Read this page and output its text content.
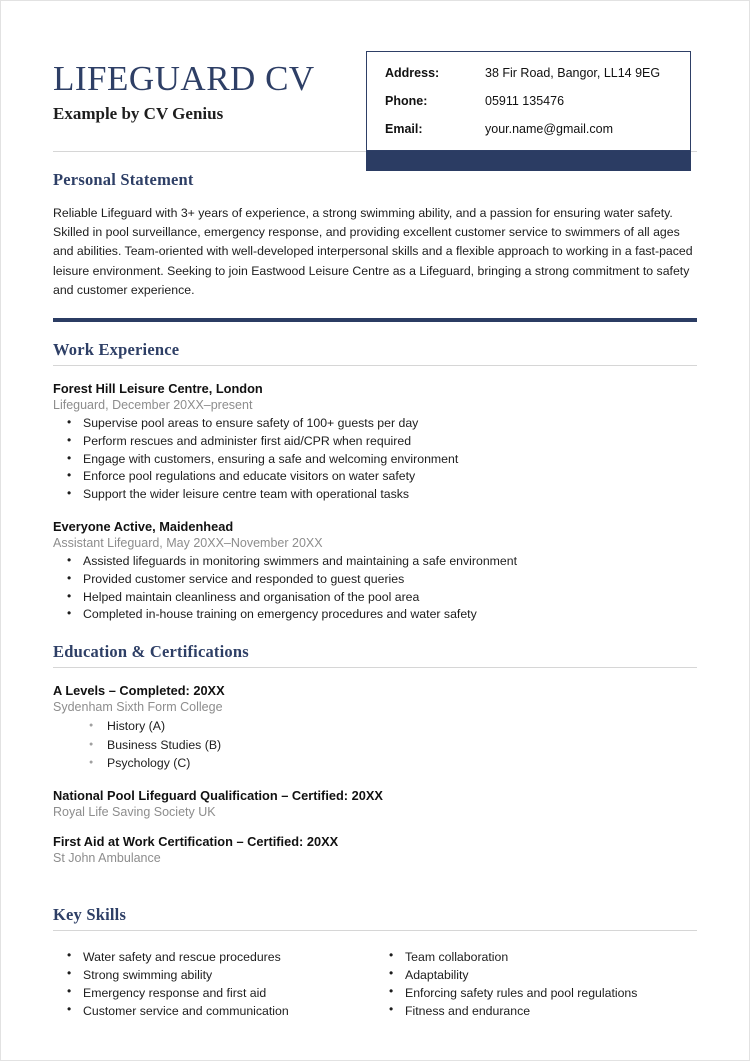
LIFEGUARD CV

Example by CV Genius

Address:	38 Fir Road, Bangor, LL14 9EG
Phone:	05911 135476
Email:	your.name@gmail.com
Personal Statement

Reliable Lifeguard with 3+ years of experience, a strong swimming ability, and a passion for ensuring water safety. Skilled in pool surveillance, emergency response, and providing excellent customer service to swimmers of all ages and abilities. Team-oriented with well-developed interpersonal skills and a flexible approach to working in a fast-paced leisure environment. Seeking to join Eastwood Leisure Centre as a Lifeguard, bringing a strong commitment to safety and customer experience.

Work Experience

Forest Hill Leisure Centre, London

Lifeguard, December 20XX–present

• Supervise pool areas to ensure safety of 100+ guests per day
• Perform rescues and administer first aid/CPR when required
• Engage with customers, ensuring a safe and welcoming environment
• Enforce pool regulations and educate visitors on water safety
• Support the wider leisure centre team with operational tasks

Everyone Active, Maidenhead

Assistant Lifeguard, May 20XX–November 20XX

• Assisted lifeguards in monitoring swimmers and maintaining a safe environment
• Provided customer service and responded to guest queries
• Helped maintain cleanliness and organisation of the pool area
• Completed in-house training on emergency procedures and water safety
Education & Certifications

A Levels – Completed: 20XX

Sydenham Sixth Form College

● History (A)
● Business Studies (B)
● Psychology (C)

National Pool Lifeguard Qualification – Certified: 20XX

Royal Life Saving Society UK

First Aid at Work Certification – Certified: 20XX

St John Ambulance

Key Skills
• Water safety and rescue procedures
• Strong swimming ability
• Emergency response and first aid
• Customer service and communication
• Team collaboration
• Adaptability
• Enforcing safety rules and pool regulations
• Fitness and endurance
